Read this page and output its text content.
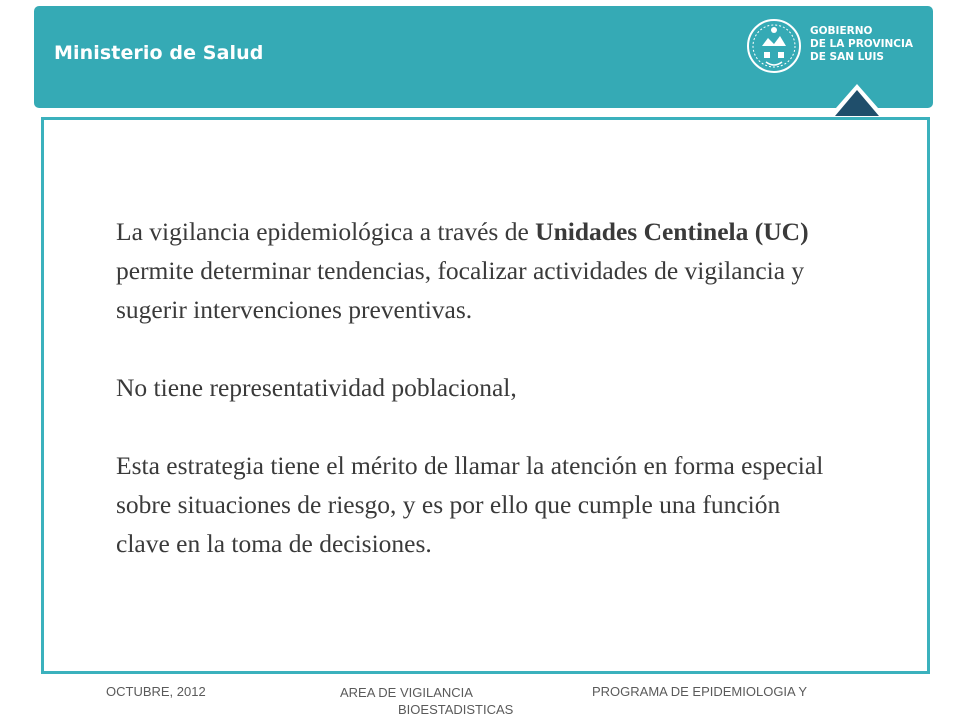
Ministerio de Salud
GOBIERNO
DE LA PROVINCIA
DE SAN LUIS

La vigilancia epidemiológica a través de Unidades Centinela (UC) permite determinar tendencias, focalizar actividades de vigilancia y sugerir intervenciones preventivas.

No tiene representatividad poblacional,

Esta estrategia tiene el mérito de llamar la atención en forma especial sobre situaciones de riesgo, y es por ello que cumple una función clave en la toma de decisiones.

OCTUBRE, 2012	AREA DE VIGILANCIA
BIOESTADISTICAS
PROGRAMA DE EPIDEMIOLOGIA Y
